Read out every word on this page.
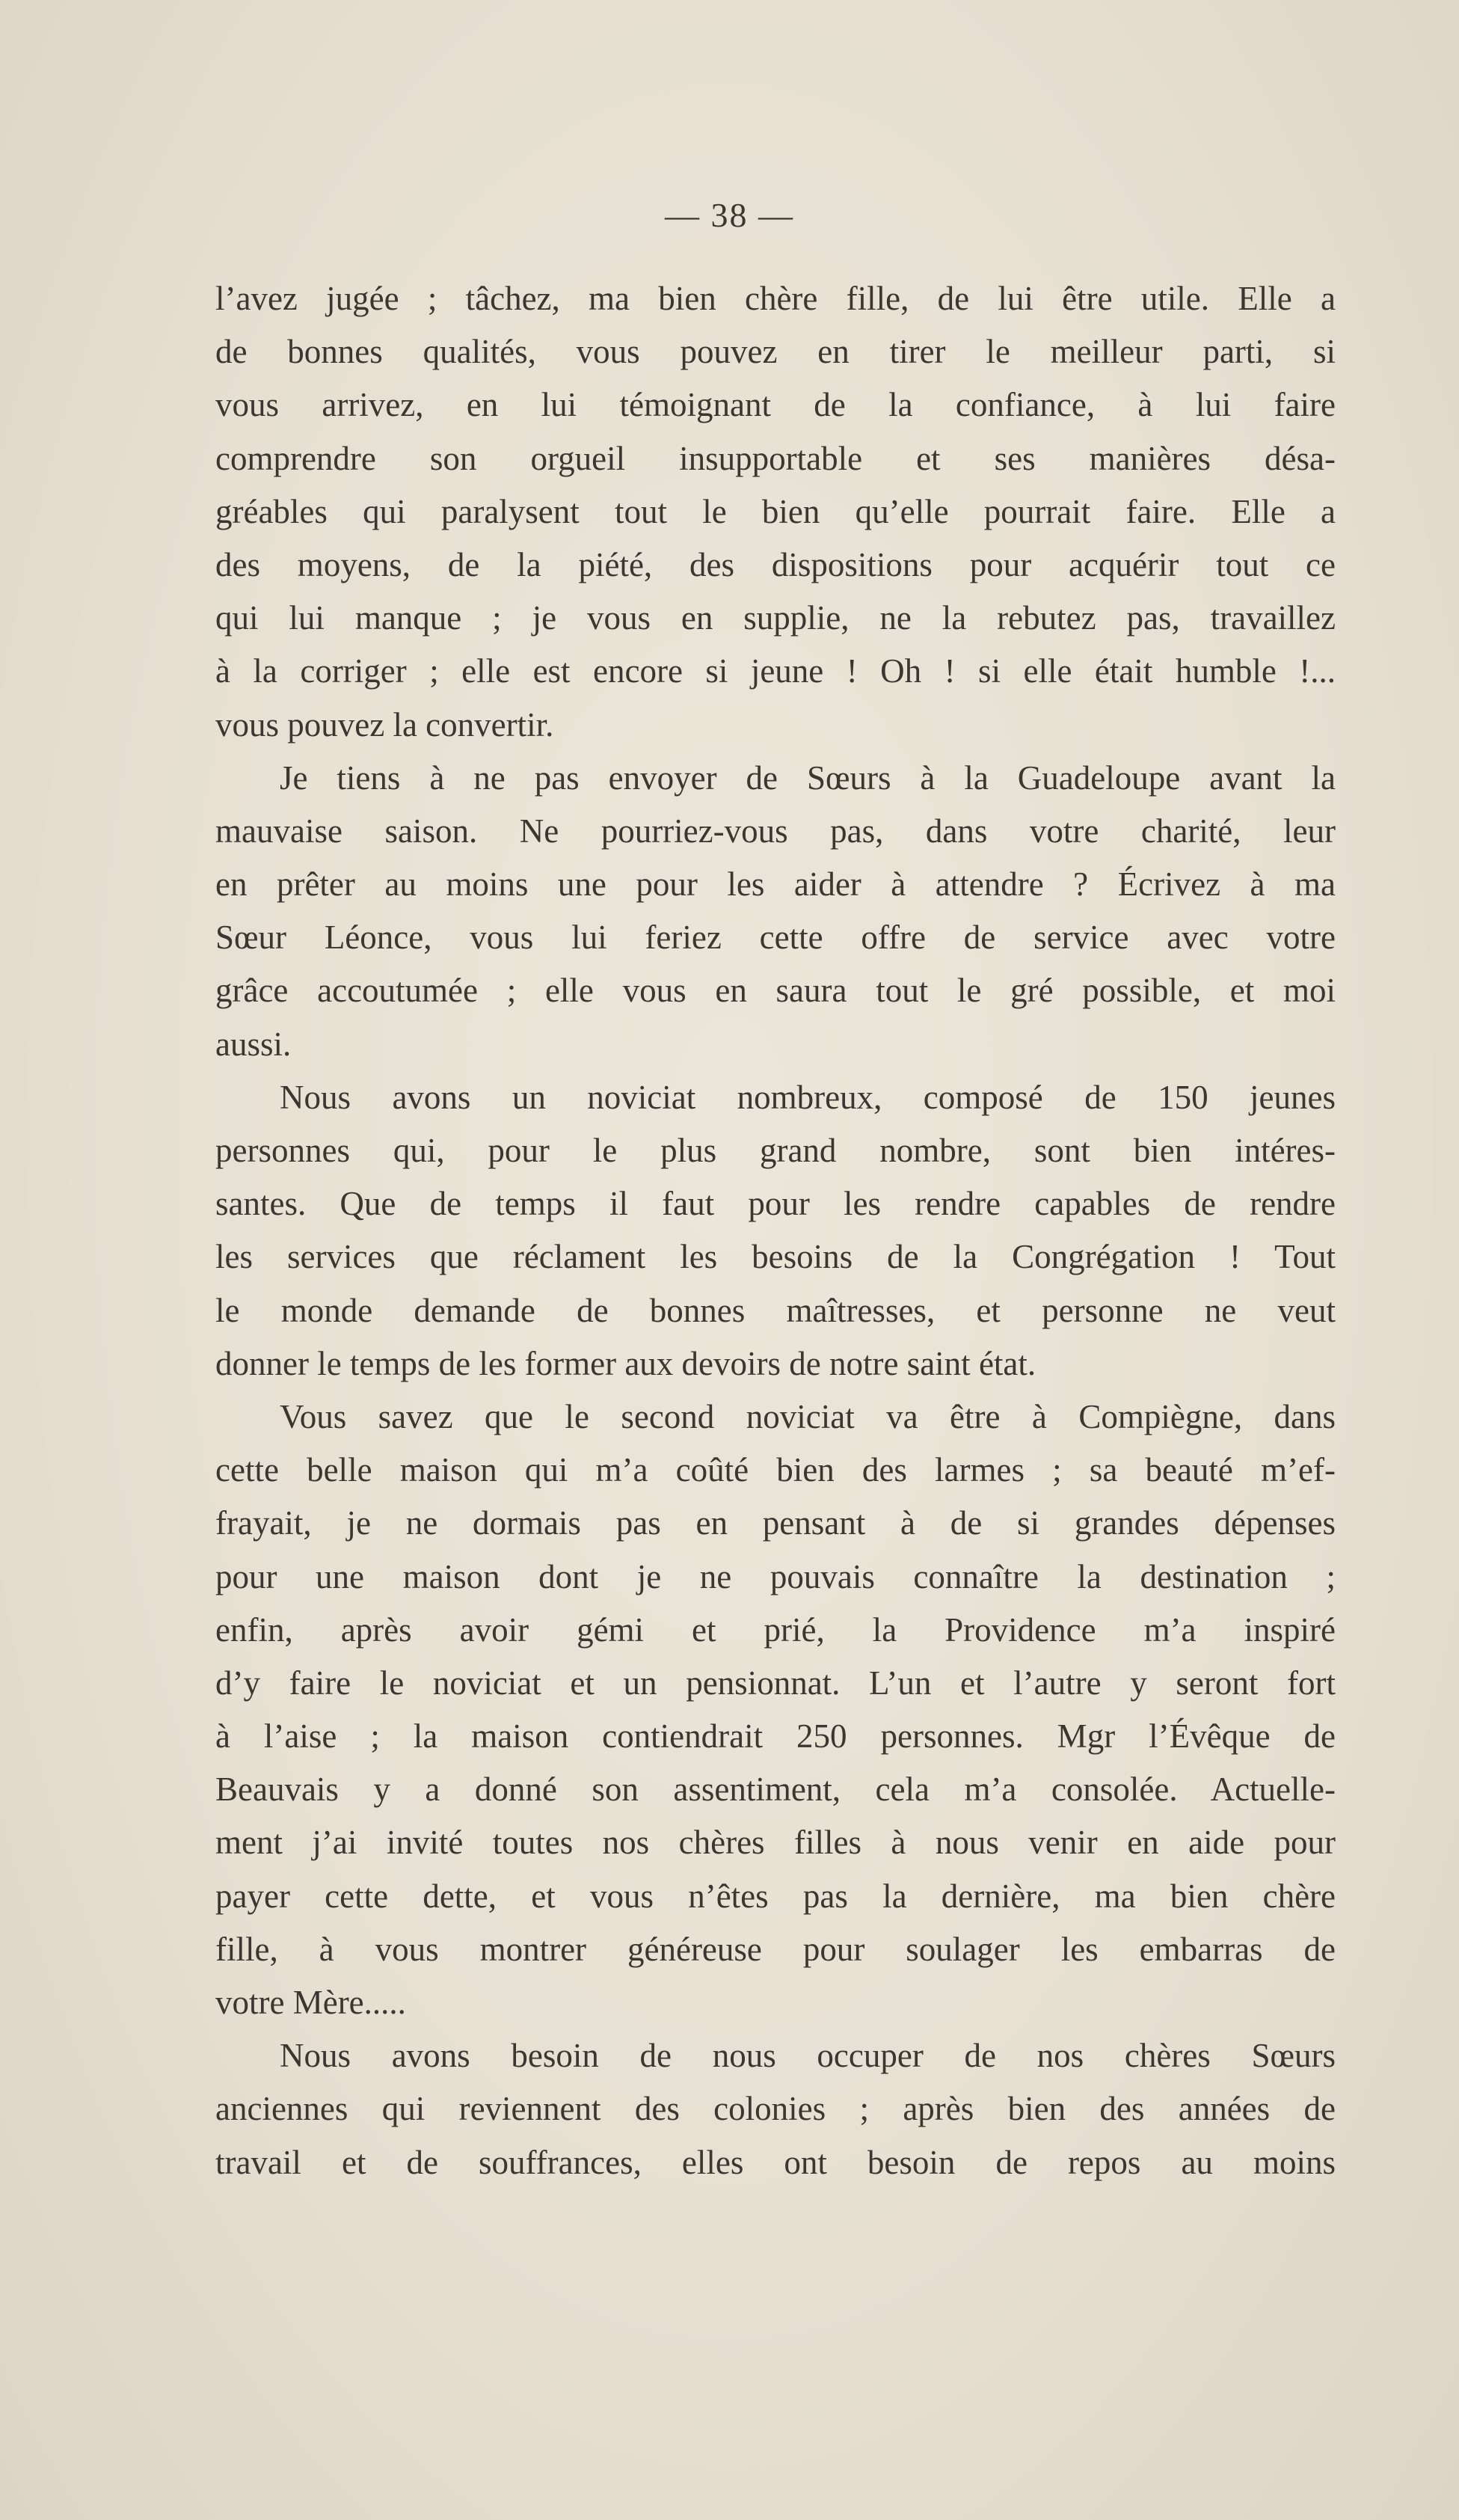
— 38 —
l’avez jugée ; tâchez, ma bien chère fille, de lui être utile. Elle a
de bonnes qualités, vous pouvez en tirer le meilleur parti, si
vous arrivez, en lui témoignant de la confiance, à lui faire
comprendre son orgueil insupportable et ses manières désa-
gréables qui paralysent tout le bien qu’elle pourrait faire. Elle a
des moyens, de la piété, des dispositions pour acquérir tout ce
qui lui manque ; je vous en supplie, ne la rebutez pas, travaillez
à la corriger ; elle est encore si jeune ! Oh ! si elle était humble !...
vous pouvez la convertir.
Je tiens à ne pas envoyer de Sœurs à la Guadeloupe avant la
mauvaise saison. Ne pourriez-vous pas, dans votre charité, leur
en prêter au moins une pour les aider à attendre ? Écrivez à ma
Sœur Léonce, vous lui feriez cette offre de service avec votre
grâce accoutumée ; elle vous en saura tout le gré possible, et moi
aussi.
Nous avons un noviciat nombreux, composé de 150 jeunes
personnes qui, pour le plus grand nombre, sont bien intéres-
santes. Que de temps il faut pour les rendre capables de rendre
les services que réclament les besoins de la Congrégation ! Tout
le monde demande de bonnes maîtresses, et personne ne veut
donner le temps de les former aux devoirs de notre saint état.
Vous savez que le second noviciat va être à Compiègne, dans
cette belle maison qui m’a coûté bien des larmes ; sa beauté m’ef-
frayait, je ne dormais pas en pensant à de si grandes dépenses
pour une maison dont je ne pouvais connaître la destination ;
enfin, après avoir gémi et prié, la Providence m’a inspiré
d’y faire le noviciat et un pensionnat. L’un et l’autre y seront fort
à l’aise ; la maison contiendrait 250 personnes. Mgr l’Évêque de
Beauvais y a donné son assentiment, cela m’a consolée. Actuelle-
ment j’ai invité toutes nos chères filles à nous venir en aide pour
payer cette dette, et vous n’êtes pas la dernière, ma bien chère
fille, à vous montrer généreuse pour soulager les embarras de
votre Mère.....
Nous avons besoin de nous occuper de nos chères Sœurs
anciennes qui reviennent des colonies ; après bien des années de
travail et de souffrances, elles ont besoin de repos au moins
